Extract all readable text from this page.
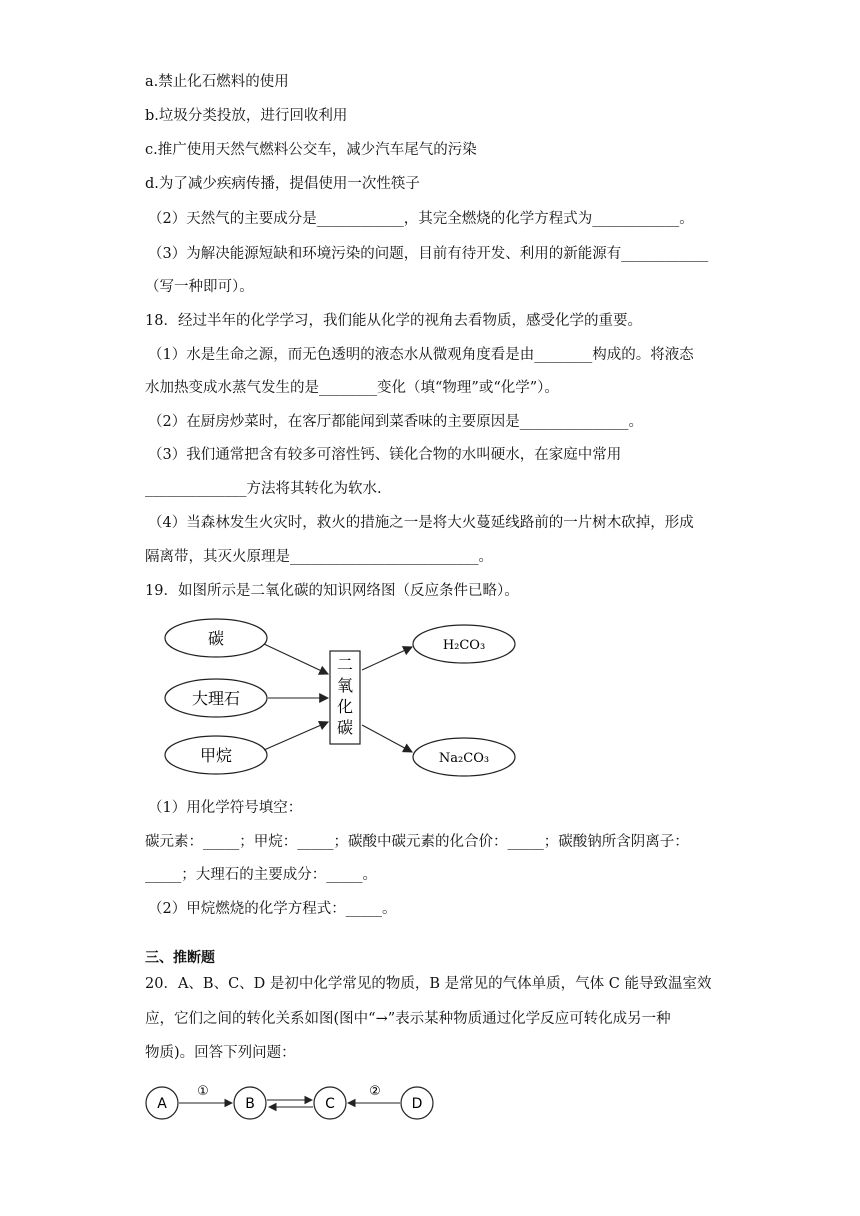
a.禁止化石燃料的使用
b.垃圾分类投放，进行回收利用
c.推广使用天然气燃料公交车，减少汽车尾气的污染
d.为了减少疾病传播，提倡使用一次性筷子
（2）天然气的主要成分是____________，其完全燃烧的化学方程式为____________。
（3）为解决能源短缺和环境污染的问题，目前有待开发、利用的新能源有____________
（写一种即可）。
18．经过半年的化学学习，我们能从化学的视角去看物质，感受化学的重要。
（1）水是生命之源，而无色透明的液态水从微观角度看是由________构成的。将液态
水加热变成水蒸气发生的是________变化（填“物理”或“化学”）。
（2）在厨房炒菜时，在客厅都能闻到菜香味的主要原因是_______________。
（3）我们通常把含有较多可溶性钙、镁化合物的水叫硬水，在家庭中常用
______________方法将其转化为软水.
（4）当森林发生火灾时，救火的措施之一是将大火蔓延线路前的一片树木砍掉，形成
隔离带，其灭火原理是__________________________。
19．如图所示是二氧化碳的知识网络图（反应条件已略）。
碳
大理石
甲烷
二
氧
化
碳
H₂CO₃
Na₂CO₃
（1）用化学符号填空：
碳元素：_____；甲烷：_____；碳酸中碳元素的化合价：_____；碳酸钠所含阴离子：
_____；大理石的主要成分：_____。
（2）甲烷燃烧的化学方程式：_____。
三、推断题
20．A、B、C、D 是初中化学常见的物质，B 是常见的气体单质，气体 C 能导致温室效
应，它们之间的转化关系如图(图中“→”表示某种物质通过化学反应可转化成另一种
物质)。回答下列问题：
A	B	C	D
①	②
